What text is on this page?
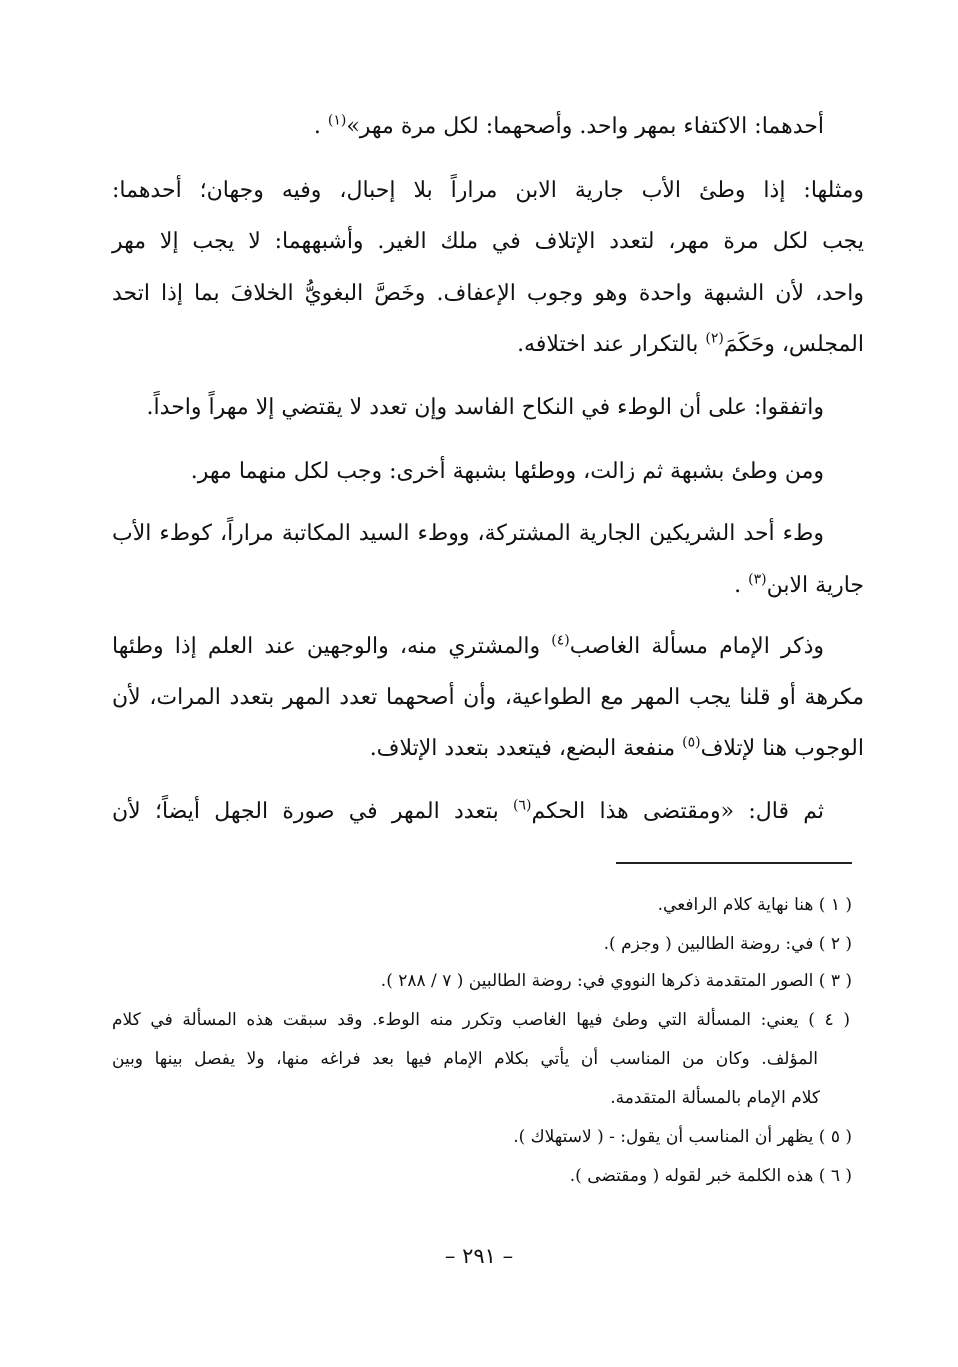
أحدهما: الاكتفاء بمهر واحد. وأصحهما: لكل مرة مهر»$^{(١)}$ .
ومثلها: إذا وطئ الأب جارية الابن مراراً بلا إحبال، وفيه وجهان؛ أحدهما:
يجب لكل مرة مهر، لتعدد الإتلاف في ملك الغير. وأشبههما: لا يجب إلا مهر
واحد، لأن الشبهة واحدة وهو وجوب الإعفاف. وخَصَّ البغويُّ الخلافَ بما إذا اتحد
المجلس، وحَكَمَ$^{(٢)}$ بالتكرار عند اختلافه.
واتفقوا: على أن الوطء في النكاح الفاسد وإن تعدد لا يقتضي إلا مهراً واحداً.
ومن وطئ بشبهة ثم زالت، ووطئها بشبهة أخرى: وجب لكل منهما مهر.
وطء أحد الشريكين الجارية المشتركة، ووطء السيد المكاتبة مراراً، كوطء الأب
جارية الابن$^{(٣)}$ .
وذكر الإمام مسألة الغاصب$^{(٤)}$ والمشتري منه، والوجهين عند العلم إذا وطئها
مكرهة أو قلنا يجب المهر مع الطواعية، وأن أصحهما تعدد المهر بتعدد المرات، لأن
الوجوب هنا لإتلاف$^{(٥)}$ منفعة البضع، فيتعدد بتعدد الإتلاف.
ثم قال: «ومقتضى هذا الحكم$^{(٦)}$ بتعدد المهر في صورة الجهل أيضاً؛ لأن
( ١ ) هنا نهاية كلام الرافعي.
( ٢ ) في: روضة الطالبين ( وجزم ).
( ٣ ) الصور المتقدمة ذكرها النووي في: روضة الطالبين ( ٧ / ٢٨٨ ).
( ٤ ) يعني: المسألة التي وطئ فيها الغاصب وتكرر منه الوطء. وقد سبقت هذه المسألة في كلام
المؤلف. وكان من المناسب أن يأتي بكلام الإمام فيها بعد فراغه منها، ولا يفصل بينها وبين
كلام الإمام بالمسألة المتقدمة.
( ٥ ) يظهر أن المناسب أن يقول: - ( لاستهلاك ).
( ٦ ) هذه الكلمة خبر لقوله ( ومقتضى ).
– ٢٩١ –
